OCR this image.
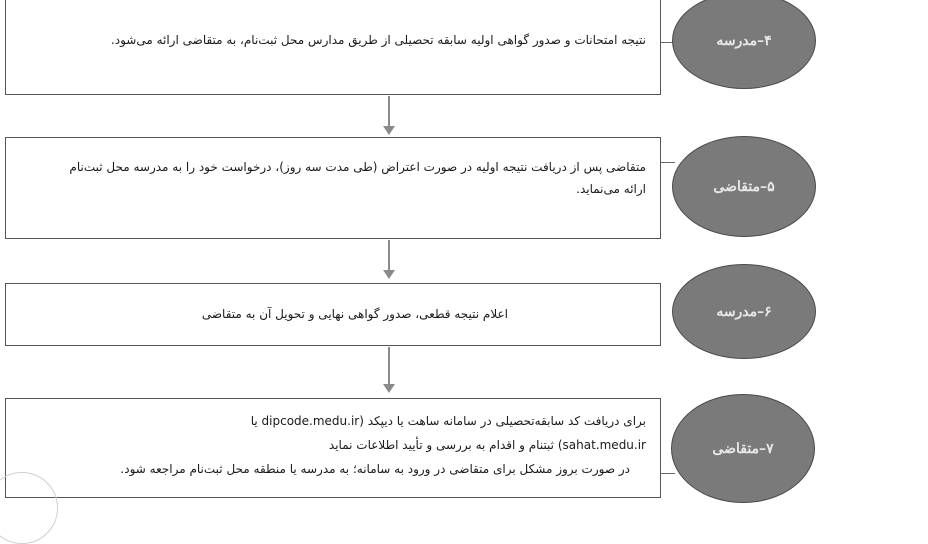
نتیجه امتحانات و صدور گواهی اولیه سابقه تحصیلی از طریق مدارس محل ثبت‌نام، به متقاضی ارائه می‌شود.	۴–مدرسه

متقاضی پس از دریافت نتیجه اولیه در صورت اعتراض (طی مدت سه روز)، درخواست خود را به مدرسه محل ثبت‌نام ارائه می‌نماید.	۵–متقاضی

اعلام نتیجه قطعی، صدور گواهی نهایی و تحویل آن به متقاضی	۶–مدرسه

برای دریافت کد سابقه‌تحصیلی در سامانه ساهت یا دیپکد (dipcode.medu.ir یا sahat.medu.ir) ثبتنام و اقدام به بررسی و تأیید اطلاعات نماید

در صورت بروز مشکل برای متقاضی در ورود به سامانه؛ به مدرسه یا منطقه محل ثبت‌نام مراجعه شود.

۷–متقاضی
